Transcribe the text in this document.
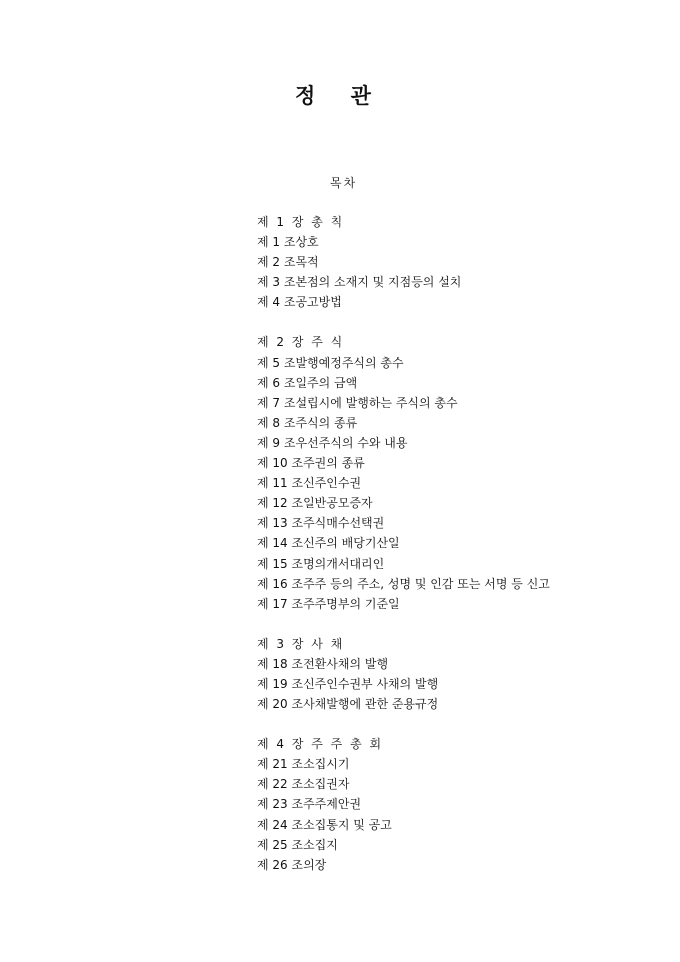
정 관
목차
제 1 장 총 칙
제 1 조상호
제 2 조목적
제 3 조본점의 소재지 및 지점등의 설치
제 4 조공고방법
제 2 장 주 식
제 5 조발행예정주식의 총수
제 6 조일주의 금액
제 7 조설립시에 발행하는 주식의 총수
제 8 조주식의 종류
제 9 조우선주식의 수와 내용
제 10 조주권의 종류
제 11 조신주인수권
제 12 조일반공모증자
제 13 조주식매수선택권
제 14 조신주의 배당기산일
제 15 조명의개서대리인
제 16 조주주 등의 주소, 성명 및 인감 또는 서명 등 신고
제 17 조주주명부의 기준일
제 3 장 사 채
제 18 조전환사채의 발행
제 19 조신주인수권부 사채의 발행
제 20 조사채발행에 관한 준용규정
제 4 장 주 주 총 회
제 21 조소집시기
제 22 조소집권자
제 23 조주주제안권
제 24 조소집통지 및 공고
제 25 조소집지
제 26 조의장
